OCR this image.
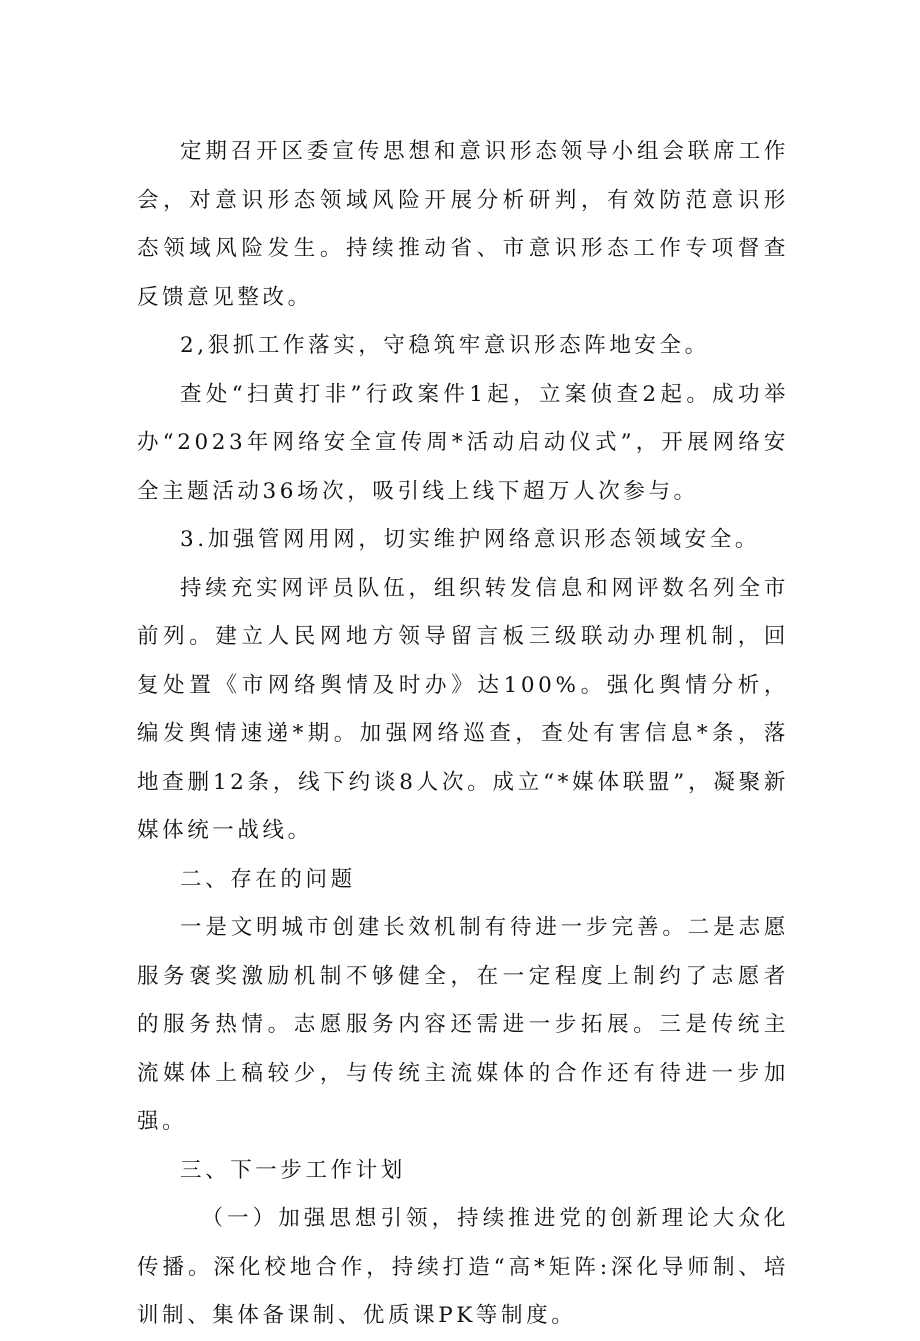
定期召开区委宣传思想和意识形态领导小组会联席工作会，对意识形态领域风险开展分析研判，有效防范意识形态领域风险发生。持续推动省、市意识形态工作专项督查反馈意见整改。

2,狠抓工作落实，守稳筑牢意识形态阵地安全。

查处“扫黄打非”行政案件1起，立案侦查2起。成功举办“2023年网络安全宣传周*活动启动仪式”，开展网络安全主题活动36场次，吸引线上线下超万人次参与。

3.加强管网用网，切实维护网络意识形态领域安全。

持续充实网评员队伍，组织转发信息和网评数名列全市前列。建立人民网地方领导留言板三级联动办理机制，回复处置《市网络舆情及时办》达100%。强化舆情分析，编发舆情速递*期。加强网络巡查，查处有害信息*条，落地查删12条，线下约谈8人次。成立“*媒体联盟”，凝聚新媒体统一战线。

二、存在的问题

一是文明城市创建长效机制有待进一步完善。二是志愿服务褒奖激励机制不够健全，在一定程度上制约了志愿者的服务热情。志愿服务内容还需进一步拓展。三是传统主流媒体上稿较少，与传统主流媒体的合作还有待进一步加强。

三、下一步工作计划

（一）加强思想引领，持续推进党的创新理论大众化传播。深化校地合作，持续打造“高*矩阵:深化导师制、培训制、集体备课制、优质课PK等制度。
